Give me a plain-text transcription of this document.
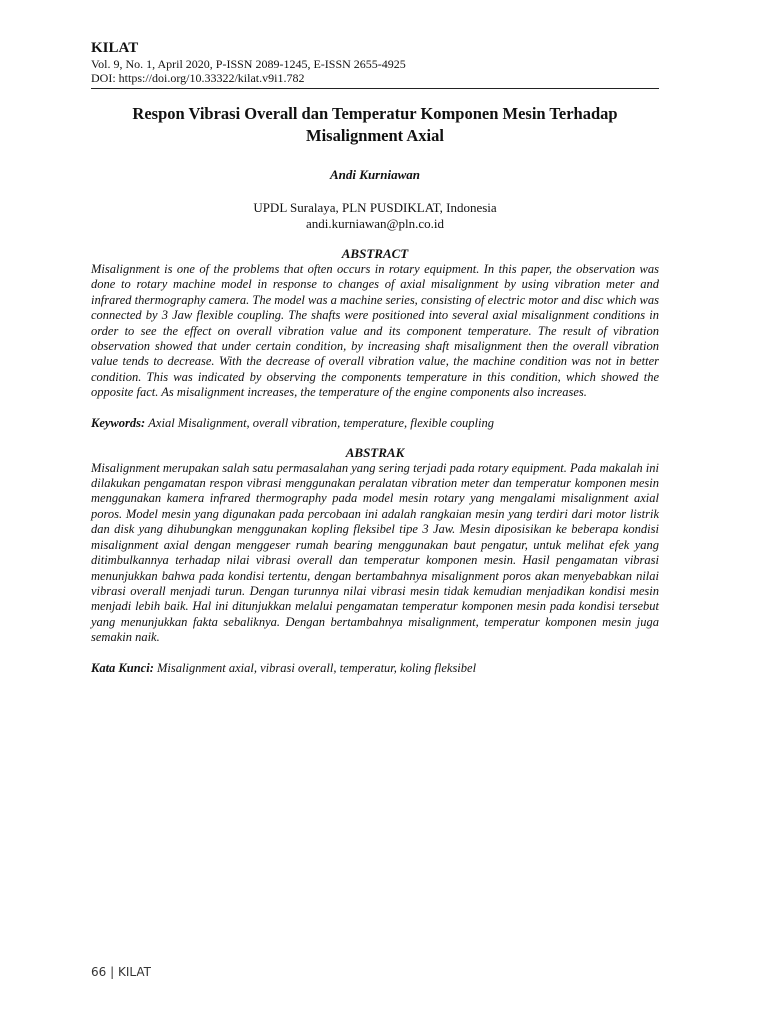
KILAT
Vol. 9, No. 1, April 2020, P-ISSN 2089-1245, E-ISSN 2655-4925
DOI: https://doi.org/10.33322/kilat.v9i1.782
Respon Vibrasi Overall dan Temperatur Komponen Mesin Terhadap
Misalignment Axial
Andi Kurniawan
UPDL Suralaya, PLN PUSDIKLAT, Indonesia
andi.kurniawan@pln.co.id
ABSTRACT
Misalignment is one of the problems that often occurs in rotary equipment. In this paper, the observation was done to rotary machine model in response to changes of axial misalignment by using vibration meter and infrared thermography camera. The model was a machine series, consisting of electric motor and disc which was connected by 3 Jaw flexible coupling. The shafts were positioned into several axial misalignment conditions in order to see the effect on overall vibration value and its component temperature. The result of vibration observation showed that under certain condition, by increasing shaft misalignment then the overall vibration value tends to decrease. With the decrease of overall vibration value, the machine condition was not in better condition. This was indicated by observing the components temperature in this condition, which showed the opposite fact. As misalignment increases, the temperature of the engine components also increases.
Keywords: Axial Misalignment, overall vibration, temperature, flexible coupling
ABSTRAK
Misalignment merupakan salah satu permasalahan yang sering terjadi pada rotary equipment. Pada makalah ini dilakukan pengamatan respon vibrasi menggunakan peralatan vibration meter dan temperatur komponen mesin menggunakan kamera infrared thermography pada model mesin rotary yang mengalami misalignment axial poros. Model mesin yang digunakan pada percobaan ini adalah rangkaian mesin yang terdiri dari motor listrik dan disk yang dihubungkan menggunakan kopling fleksibel tipe 3 Jaw. Mesin diposisikan ke beberapa kondisi misalignment axial dengan menggeser rumah bearing menggunakan baut pengatur, untuk melihat efek yang ditimbulkannya terhadap nilai vibrasi overall dan temperatur komponen mesin. Hasil pengamatan vibrasi menunjukkan bahwa pada kondisi tertentu, dengan bertambahnya misalignment poros akan menyebabkan nilai vibrasi overall menjadi turun. Dengan turunnya nilai vibrasi mesin tidak kemudian menjadikan kondisi mesin menjadi lebih baik. Hal ini ditunjukkan melalui pengamatan temperatur komponen mesin pada kondisi tersebut yang menunjukkan fakta sebaliknya. Dengan bertambahnya misalignment, temperatur komponen mesin juga semakin naik.
Kata Kunci: Misalignment axial, vibrasi overall, temperatur, koling fleksibel
66 | KILAT
